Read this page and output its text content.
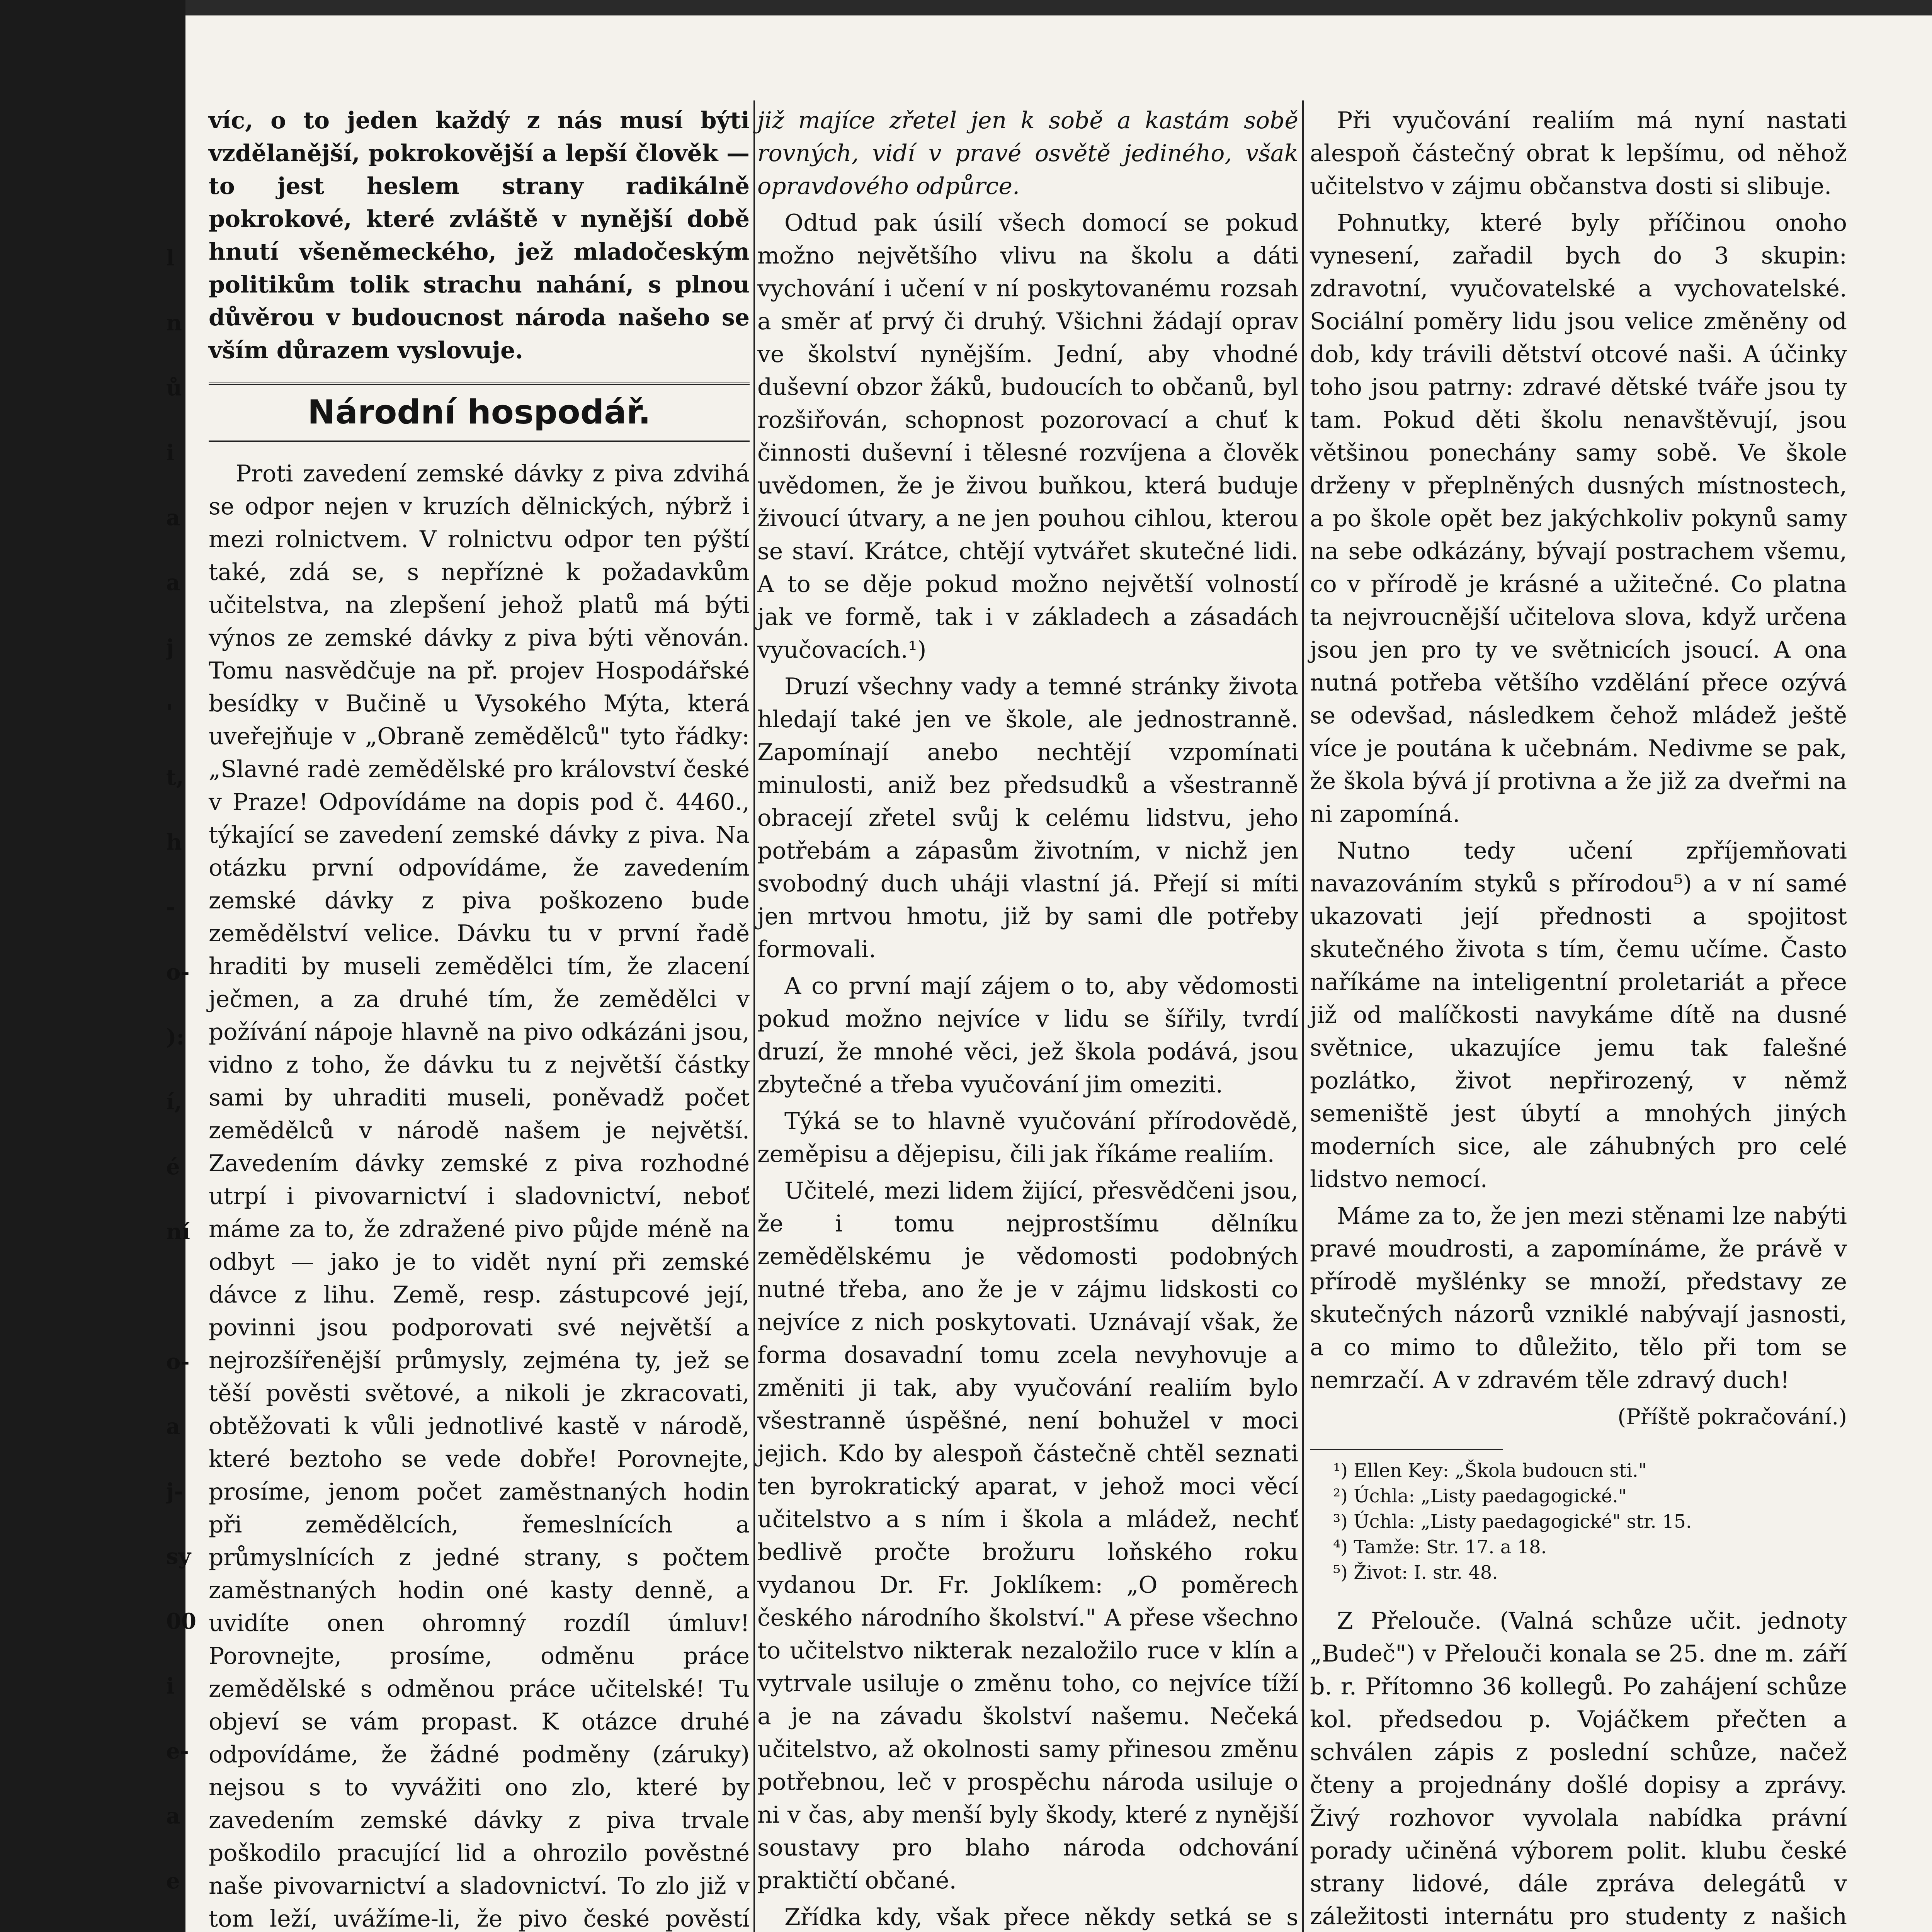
l
n
ů
i
a
a
j
'
t,
h
-
o-
):
í,
é
ní
o-
a
j-
sy
00
i
e-
a
e

víc, o to jeden každý z nás musí býti vzdělanější, pokrokovější a lepší člověk — to jest heslem strany radikálně pokrokové, které zvláště v nynější době hnutí všeněmeckého, jež mladočeským politikům tolik strachu nahání, s plnou důvěrou v budoucnost národa našeho se vším důrazem vyslovuje.

Národní hospodář.

Proti zavedení zemské dávky z piva zdvihá se odpor nejen v kruzích dělnických, nýbrž i mezi rolnictvem. V rolnictvu odpor ten pýští také, zdá se, s nepříznė k požadavkům učitelstva, na zlepšení jehož platů má býti výnos ze zemské dávky z piva býti věnován. Tomu nasvědčuje na př. projev Hospodářské besídky v Bučině u Vysokého Mýta, která uveřejňuje v „Obraně zemědělců" tyto řádky: „Slavné radė zemědělské pro království české v Praze! Odpovídáme na dopis pod č. 4460., týkající se zavedení zemské dávky z piva. Na otázku první odpovídáme, že zavedením zemské dávky z piva poškozeno bude zemědělství velice. Dávku tu v první řadě hraditi by museli zemědělci tím, že zlacení ječmen, a za druhé tím, že zemědělci v požívání nápoje hlavně na pivo odkázáni jsou, vidno z toho, že dávku tu z největší částky sami by uhraditi museli, poněvadž počet zemědělců v národě našem je největší. Zavedením dávky zemské z piva rozhodné utrpí i pivovarnictví i sladovnictví, neboť máme za to, že zdražené pivo půjde méně na odbyt — jako je to vidět nyní při zemské dávce z lihu. Země, resp. zástupcové její, povinni jsou podporovati své největší a nejrozšířenější průmysly, zejména ty, jež se těší pověsti světové, a nikoli je zkracovati, obtěžovati k vůli jednotlivé kastě v národě, které beztoho se vede dobře! Porovnejte, prosíme, jenom počet zaměstnaných hodin při zemědělcích, řemeslnících a průmyslnících z jedné strany, s počtem zaměstnaných hodin oné kasty denně, a uvidíte onen ohromný rozdíl úmluv! Porovnejte, prosíme, odměnu práce zemědělské s odměnou práce učitelské! Tu objeví se vám propast. K otázce druhé odpovídáme, že žádné podměny (záruky) nejsou s to vyvážiti ono zlo, které by zavedením zemské dávky z piva trvale poškodilo pracující lid a ohrozilo pověstné naše pivovarnictví a sladovnictví. To zlo již v tom leží, uvážíme-li, že pivo české pověstí

již majíce zřetel jen k sobě a kastám sobě rovných, vidí v pravé osvětě jediného, však opravdového odpůrce.

Odtud pak úsilí všech domocí se pokud možno největšího vlivu na školu a dáti vychování i učení v ní poskytovanému rozsah a směr ať prvý či druhý. Všichni žádají oprav ve školství nynějším. Jední, aby vhodné duševní obzor žáků, budoucích to občanů, byl rozšiřován, schopnost pozorovací a chuť k činnosti duševní i tělesné rozvíjena a člověk uvědomen, že je živou buňkou, která buduje živoucí útvary, a ne jen pouhou cihlou, kterou se staví. Krátce, chtějí vytvářet skutečné lidi. A to se děje pokud možno největší volností jak ve formě, tak i v základech a zásadách vyučovacích.¹)

Druzí všechny vady a temné stránky života hledají také jen ve škole, ale jednostranně. Zapomínají anebo nechtějí vzpomínati minulosti, aniž bez předsudků a všestranně obracejí zřetel svůj k celému lidstvu, jeho potřebám a zápasům životním, v nichž jen svobodný duch uháji vlastní já. Přejí si míti jen mrtvou hmotu, již by sami dle potřeby formovali.

A co první mají zájem o to, aby vědomosti pokud možno nejvíce v lidu se šířily, tvrdí druzí, že mnohé věci, jež škola podává, jsou zbytečné a třeba vyučování jim omeziti.

Týká se to hlavně vyučování přírodovědě, zeměpisu a dějepisu, čili jak říkáme realiím.

Učitelé, mezi lidem žijící, přesvědčeni jsou, že i tomu nejprostšímu dělníku zemědělskému je vědomosti podobných nutné třeba, ano že je v zájmu lidskosti co nejvíce z nich poskytovati. Uznávají však, že forma dosavadní tomu zcela nevyhovuje a změniti ji tak, aby vyučování realiím bylo všestranně úspěšné, není bohužel v moci jejich. Kdo by alespoň částečně chtěl seznati ten byrokratický aparat, v jehož moci věcí učitelstvo a s ním i škola a mládež, nechť bedlivě pročte brožuru loňského roku vydanou Dr. Fr. Joklíkem: „O poměrech českého národního školství." A přese všechno to učitelstvo nikterak nezaložilo ruce v klín a vytrvale usiluje o změnu toho, co nejvíce tíží a je na závadu školství našemu. Nečeká učitelstvo, až okolnosti samy přinesou změnu potřebnou, leč v prospěchu národa usiluje o ni v čas, aby menší byly škody, které z nynější soustavy pro blaho národa odchování praktičtí občané.

Zřídka kdy, však přece někdy setká se s

Při vyučování realiím má nyní nastati alespoň částečný obrat k lepšímu, od něhož učitelstvo v zájmu občanstva dosti si slibuje.

Pohnutky, které byly příčinou onoho vynesení, zařadil bych do 3 skupin: zdravotní, vyučovatelské a vychovatelské. Sociální poměry lidu jsou velice změněny od dob, kdy trávili dětství otcové naši. A účinky toho jsou patrny: zdravé dětské tváře jsou ty tam. Pokud děti školu nenavštěvují, jsou většinou ponechány samy sobě. Ve škole drženy v přeplněných dusných místnostech, a po škole opět bez jakýchkoliv pokynů samy na sebe odkázány, bývají postrachem všemu, co v přírodě je krásné a užitečné. Co platna ta nejvroucnější učitelova slova, když určena jsou jen pro ty ve světnicích jsoucí. A ona nutná potřeba většího vzdělání přece ozývá se odevšad, následkem čehož mládež ještě více je poutána k učebnám. Nedivme se pak, že škola bývá jí protivna a že již za dveřmi na ni zapomíná.

Nutno tedy učení zpříjemňovati navazováním styků s přírodou⁵) a v ní samé ukazovati její přednosti a spojitost skutečného života s tím, čemu učíme. Často naříkáme na inteligentní proletariát a přece již od malíčkosti navykáme dítě na dusné světnice, ukazujíce jemu tak falešné pozlátko, život nepřirozený, v němž semeništĕ jest úbytí a mnohých jiných moderních sice, ale záhubných pro celé lidstvo nemocí.

Máme za to, že jen mezi stěnami lze nabýti pravé moudrosti, a zapomínáme, že právě v přírodě myšlénky se množí, představy ze skutečných názorů vzniklé nabývají jasnosti, a co mimo to důležito, tělo při tom se nemrzačí. A v zdravém těle zdravý duch!

(Příště pokračování.)

¹) Ellen Key: „Škola budoucn sti."

²) Úchla: „Listy paedagogické."

³) Úchla: „Listy paedagogické" str. 15.

⁴) Tamže: Str. 17. a 18.

⁵) Život: I. str. 48.

Z Přelouče. (Valná schůze učit. jednoty „Budeč") v Přelouči konala se 25. dne m. září b. r. Přítomno 36 kollegů. Po zahájení schůze kol. předsedou p. Vojáčkem přečten a schválen zápis z poslední schůze, načež čteny a projednány došlé dopisy a zprávy. Živý rozhovor vyvolala nabídka právní porady učiněná výborem polit. klubu české strany lidové, dále zpráva delegátů v záležitosti internátu pro studenty z našich
